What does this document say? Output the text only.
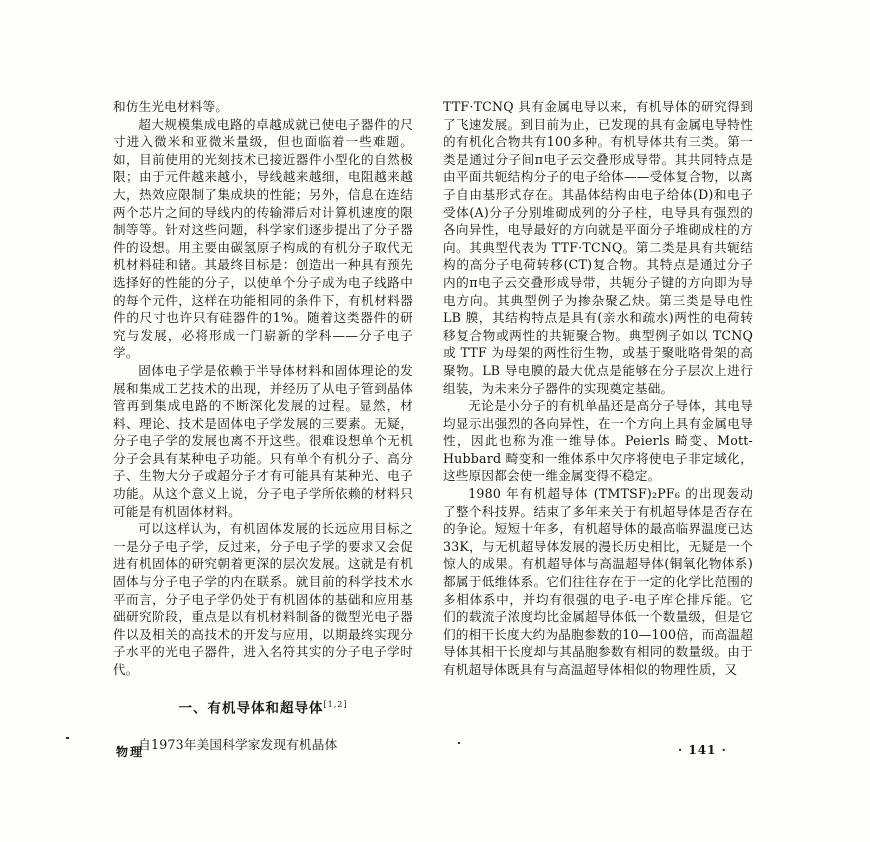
和仿生光电材料等。

超大规模集成电路的卓越成就已使电子器件的尺寸进入微米和亚微米量级，但也面临着一些难题。如，目前使用的光刻技术已接近器件小型化的自然极限；由于元件越来越小，导线越来越细，电阻越来越大，热效应限制了集成块的性能；另外，信息在连结两个芯片之间的导线内的传输滞后对计算机速度的限制等等。针对这些问题，科学家们逐步提出了分子器件的设想。用主要由碳氢原子构成的有机分子取代无机材料硅和锗。其最终目标是：创造出一种具有预先选择好的性能的分子，以使单个分子成为电子线路中的每个元件，这样在功能相同的条件下，有机材料器件的尺寸也许只有硅器件的1%。随着这类器件的研究与发展，必将形成一门崭新的学科——分子电子学。

固体电子学是依赖于半导体材料和固体理论的发展和集成工艺技术的出现，并经历了从电子管到晶体管再到集成电路的不断深化发展的过程。显然，材料、理论、技术是固体电子学发展的三要素。无疑，分子电子学的发展也离不开这些。很难设想单个无机分子会具有某种电子功能。只有单个有机分子、高分子、生物大分子或超分子才有可能具有某种光、电子功能。从这个意义上说，分子电子学所依赖的材料只可能是有机固体材料。

可以这样认为，有机固体发展的长远应用目标之一是分子电子学，反过来，分子电子学的要求又会促进有机固体的研究朝着更深的层次发展。这就是有机固体与分子电子学的内在联系。就目前的科学技术水平而言，分子电子学仍处于有机固体的基础和应用基础研究阶段，重点是以有机材料制备的微型光电子器件以及相关的高技术的开发与应用，以期最终实现分子水平的光电子器件，进入名符其实的分子电子学时代。

一、有机导体和超导体[1,2]

自1973年美国科学家发现有机晶体

TTF·TCNQ 具有金属电导以来，有机导体的研究得到了飞速发展。到目前为止，已发现的具有金属电导特性的有机化合物共有100多种。有机导体共有三类。第一类是通过分子间π电子云交叠形成导带。其共同特点是由平面共轭结构分子的电子给体——受体复合物，以离子自由基形式存在。其晶体结构由电子给体(D)和电子受体(A)分子分别堆砌成列的分子柱，电导具有强烈的各向异性，电导最好的方向就是平面分子堆砌成柱的方向。其典型代表为 TTF·TCNQ。第二类是具有共轭结构的高分子电荷转移(CT)复合物。其特点是通过分子内的π电子云交叠形成导带，共轭分子键的方向即为导电方向。其典型例子为掺杂聚乙炔。第三类是导电性 LB 膜，其结构特点是具有(亲水和疏水)两性的电荷转移复合物或两性的共轭聚合物。典型例子如以 TCNQ 或 TTF 为母架的两性衍生物，或基于聚吡咯骨架的高聚物。LB 导电膜的最大优点是能够在分子层次上进行组装，为未来分子器件的实现奠定基础。

无论是小分子的有机单晶还是高分子导体，其电导均显示出强烈的各向异性，在一个方向上具有金属电导性，因此也称为准一维导体。Peierls 畸变、Mott-Hubbard 畸变和一维体系中欠序将使电子非定域化，这些原因都会使一维金属变得不稳定。

1980 年有机超导体 (TMTSF)₂PF₆ 的出现轰动了整个科技界。结束了多年来关于有机超导体是否存在的争论。短短十年多，有机超导体的最高临界温度已达 33K，与无机超导体发展的漫长历史相比，无疑是一个惊人的成果。有机超导体与高温超导体(铜氧化物体系)都属于低维体系。它们往往存在于一定的化学比范围的多相体系中，并均有很强的电子-电子库仑排斥能。它们的载流子浓度均比金属超导体低一个数量级，但是它们的相干长度大约为晶胞参数的10—100倍，而高温超导体其相干长度却与其晶胞参数有相同的数量级。由于有机超导体既具有与高温超导体相似的物理性质，又

物理	· 141 ·
